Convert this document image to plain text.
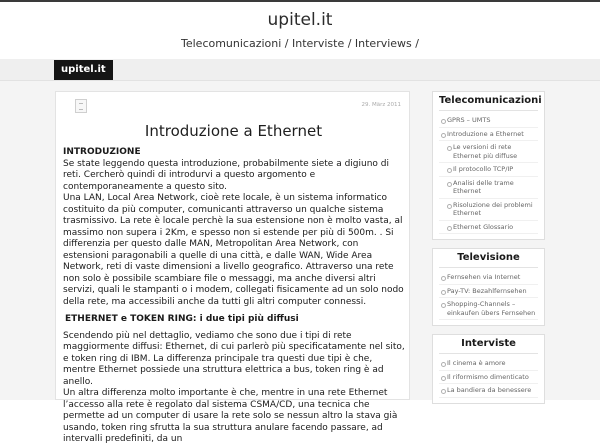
upitel.it
Telecomunicazioni / Interviste / Interviews /
upitel.it
29. März 2011
Introduzione a Ethernet
INTRODUZIONE

Se state leggendo questa introduzione, probabilmente siete a digiuno di reti. Cercherò quindi di introdurvi a questo argomento e contemporaneamente a questo sito.

Una LAN, Local Area Network, cioè rete locale, è un sistema informatico costituito da più computer, comunicanti attraverso un qualche sistema trasmissivo. La rete è locale perchè la sua estensione non è molto vasta, al massimo non supera i 2Km, e spesso non si estende per più di 500m. . Si differenzia per questo dalle MAN, Metropolitan Area Network, con estensioni paragonabili a quelle di una città, e dalle WAN, Wide Area Network, reti di vaste dimensioni a livello geografico. Attraverso una rete non solo è possibile scambiare file o messaggi, ma anche diversi altri servizi, quali le stampanti o i modem, collegati fisicamente ad un solo nodo della rete, ma accessibili anche da tutti gli altri computer connessi.

ETHERNET e TOKEN RING: i due tipi più diffusi

Scendendo più nel dettaglio, vediamo che sono due i tipi di rete maggiormente diffusi: Ethernet, di cui parlerò più specificatamente nel sito, e token ring di IBM. La differenza principale tra questi due tipi è che, mentre Ethernet possiede una struttura elettrica a bus, token ring è ad anello.

Un altra differenza molto importante è che, mentre in una rete Ethernet l’accesso alla rete è regolato dal sistema CSMA/CD, una tecnica che permette ad un computer di usare la rete solo se nessun altro la stava già usando, token ring sfrutta la sua struttura anulare facendo passare, ad intervalli predefiniti, da un

Telecomunicazioni
GPRS – UMTS
Introduzione a Ethernet
Le versioni di rete Ethernet più diffuse
Il protocollo TCP/IP
Analisi delle trame Ethernet
Risoluzione dei problemi Ethernet
Ethernet Glossario
Televisione
Fernsehen via Internet
Pay-TV: Bezahlfernsehen
Shopping-Channels – einkaufen übers Fernsehen
Interviste
Il cinema è amore
Il riformismo dimenticato
La bandiera da benessere
